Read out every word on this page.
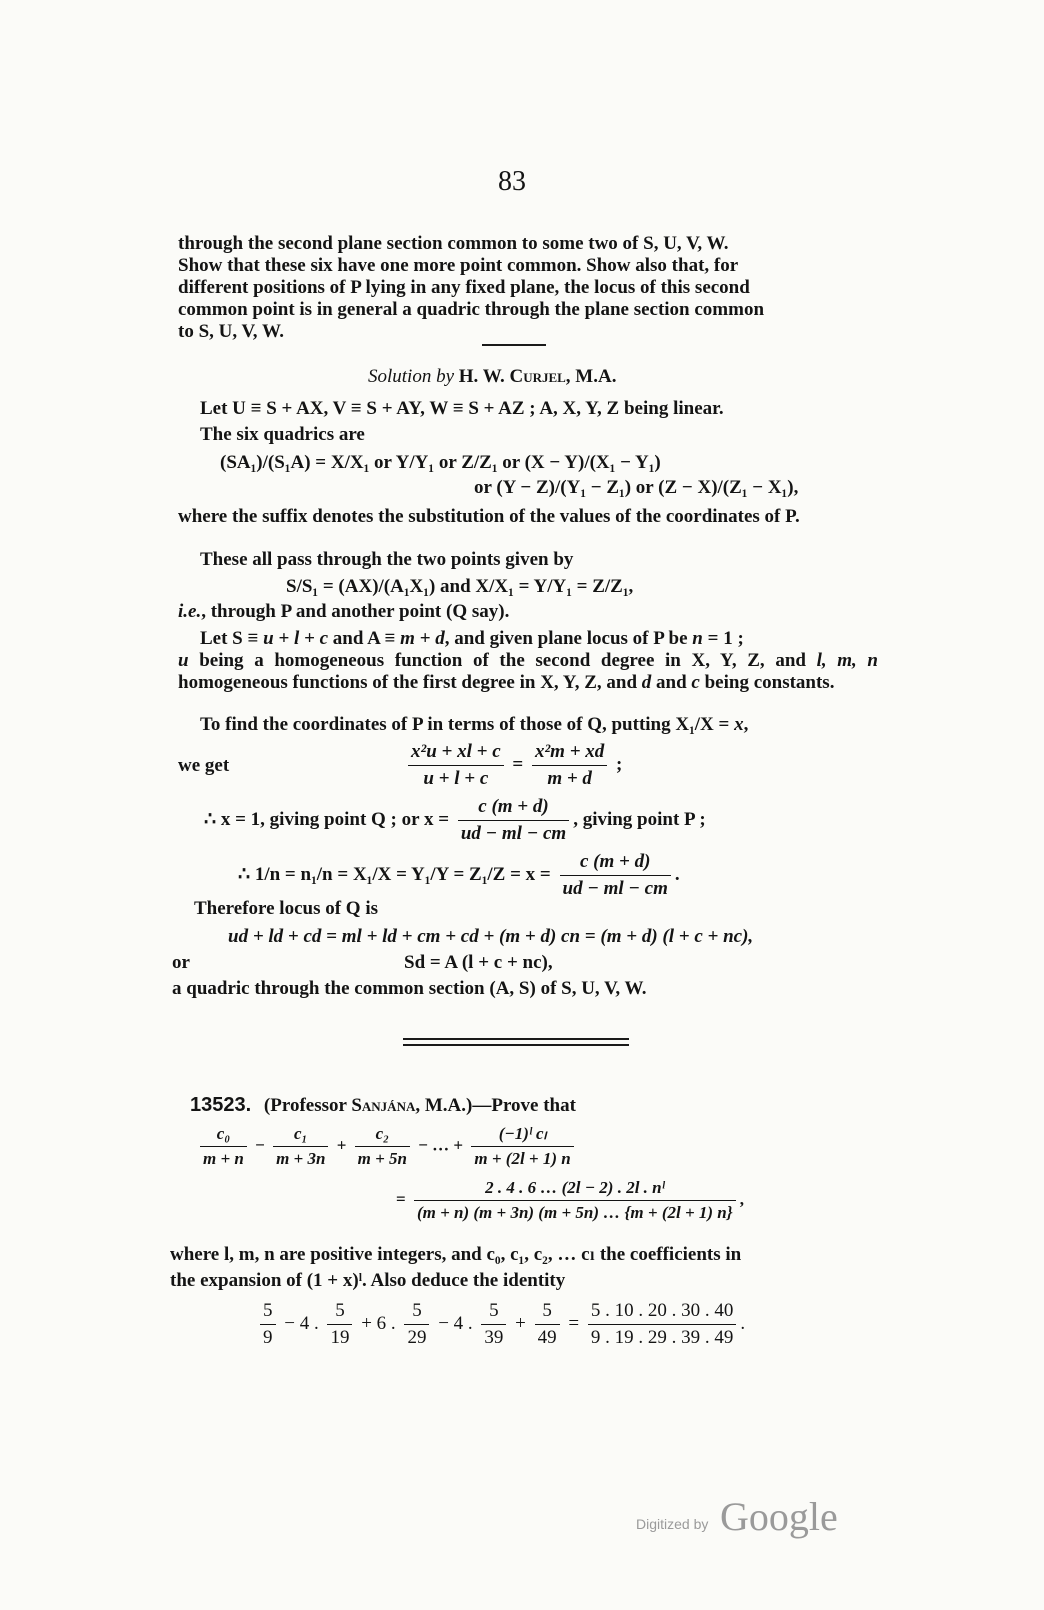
83
through the second plane section common to some two of S, U, V, W.
Show that these six have one more point common. Show also that, for
different positions of P lying in any fixed plane, the locus of this second
common point is in general a quadric through the plane section common
to S, U, V, W.
Solution by H. W. Curjel, M.A.
Let U ≡ S + AX, V ≡ S + AY, W ≡ S + AZ ; A, X, Y, Z being linear.
The six quadrics are
(SA₁)/(S₁A) = X/X₁ or Y/Y₁ or Z/Z₁ or (X − Y)/(X₁ − Y₁)
or (Y − Z)/(Y₁ − Z₁) or (Z − X)/(Z₁ − X₁),
where the suffix denotes the substitution of the values of the coordinates of P.
These all pass through the two points given by
S/S₁ = (AX)/(A₁X₁) and X/X₁ = Y/Y₁ = Z/Z₁,
i.e., through P and another point (Q say).
Let S ≡ u + l + c and A ≡ m + d, and given plane locus of P be n = 1 ;
u being a homogeneous function of the second degree in X, Y, Z, and l, m, n homogeneous functions of the first degree in X, Y, Z, and d and c being constants.
To find the coordinates of P in terms of those of Q, putting X₁/X = x,
we get	$\frac{\text{x²u + xl + c}}{u + l + c} = \frac{\text{x²m + xd}}{m + d}$ ;
∴ x = 1, giving point Q ; or $x = \frac{c (m + d)}{ud - ml - cm}$ , giving point P ;
∴ $1/n = n_1/n = X_1/X = Y_1/Y = Z_1/Z = x = \frac{c (m + d)}{ud - ml - cm}$ .
Therefore locus of Q is
ud + ld + cd = ml + ld + cm + cd + (m + d) cn = (m + d) (l + c + nc),
or	Sd = A (l + c + nc),
a quadric through the common section (A, S) of S, U, V, W.
13523. (Professor Sanjána, M.A.)—Prove that
$\frac{\text{c₀}}{m + n} - \frac{\text{c₁}}{m + 3n} + \frac{\text{c₂}}{m + 5n}$ − … + $\frac{\text{(−1)ˡ cₗ}}{m + (2l + 1) n}$
= $\frac{\text{2 . 4 . 6 … (2l − 2) . 2l . nˡ}}{(m + n) (m + 3n) (m + 5n) \dots \{m + (2l + 1) n\}}$ ,
where l, m, n are positive integers, and c₀, c₁, c₂, … cₗ the coefficients in
the expansion of (1 + x)ˡ. Also deduce the identity
$\frac{5}{9} - 4$ . $\frac{5}{19} + 6$ . $\frac{5}{29} - 4$ . $\frac{5}{39} + \frac{5}{49} = \frac{5 . 10 . 20 . 30 . 40}{9 . 19 . 29 . 39 . 49}$ .
Digitized by Google
